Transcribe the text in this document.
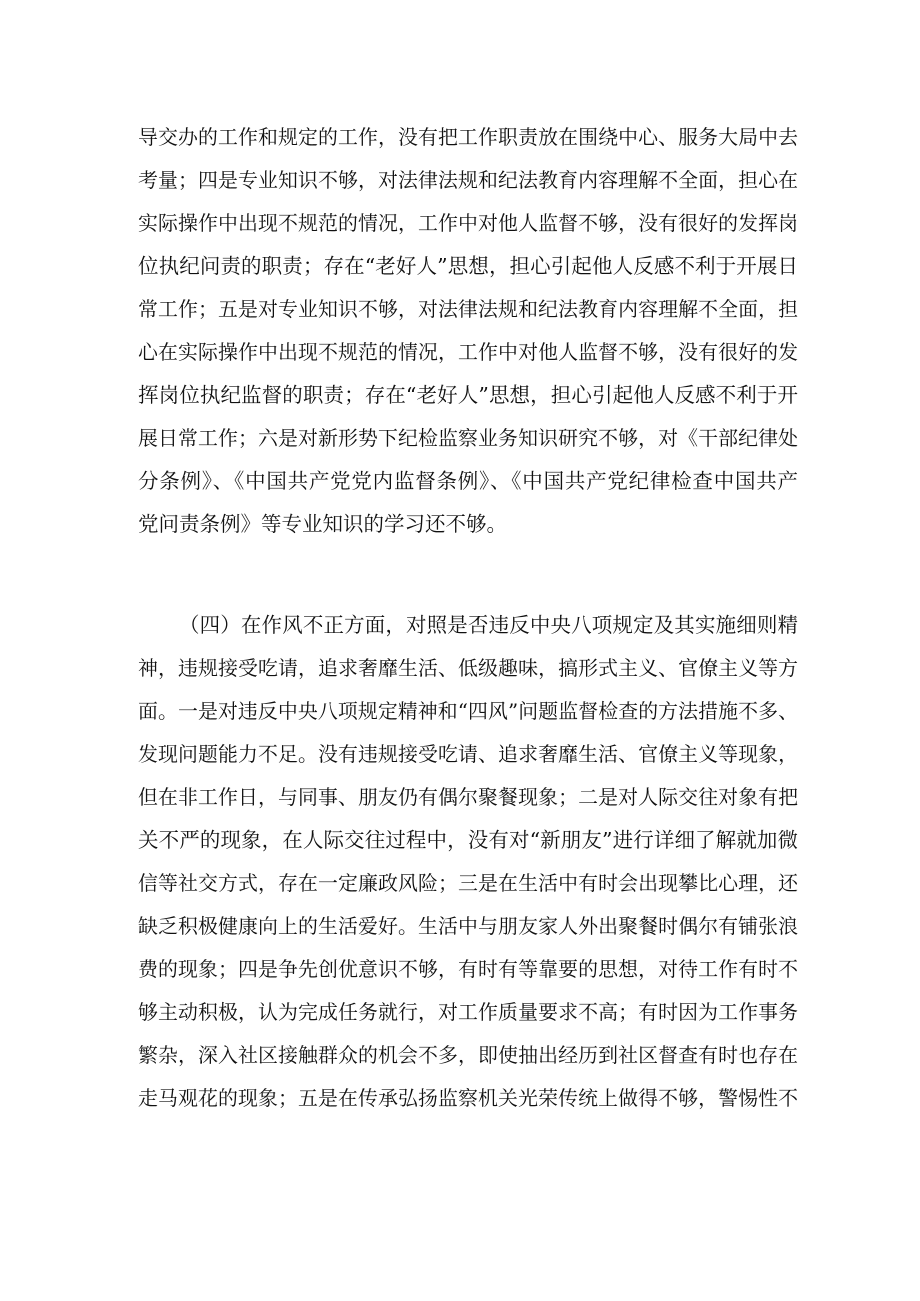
导交办的工作和规定的工作，没有把工作职责放在围绕中心、服务大局中去
考量；四是专业知识不够，对法律法规和纪法教育内容理解不全面，担心在
实际操作中出现不规范的情况，工作中对他人监督不够，没有很好的发挥岗
位执纪问责的职责；存在“老好人”思想，担心引起他人反感不利于开展日
常工作；五是对专业知识不够，对法律法规和纪法教育内容理解不全面，担
心在实际操作中出现不规范的情况，工作中对他人监督不够，没有很好的发
挥岗位执纪监督的职责；存在“老好人”思想，担心引起他人反感不利于开
展日常工作；六是对新形势下纪检监察业务知识研究不够，对《干部纪律处
分条例》、《中国共产党党内监督条例》、《中国共产党纪律检查中国共产
党问责条例》等专业知识的学习还不够。
（四）在作风不正方面，对照是否违反中央八项规定及其实施细则精
神，违规接受吃请，追求奢靡生活、低级趣味，搞形式主义、官僚主义等方
面。一是对违反中央八项规定精神和“四风”问题监督检查的方法措施不多、
发现问题能力不足。没有违规接受吃请、追求奢靡生活、官僚主义等现象，
但在非工作日，与同事、朋友仍有偶尔聚餐现象；二是对人际交往对象有把
关不严的现象，在人际交往过程中，没有对“新朋友”进行详细了解就加微
信等社交方式，存在一定廉政风险；三是在生活中有时会出现攀比心理，还
缺乏积极健康向上的生活爱好。生活中与朋友家人外出聚餐时偶尔有铺张浪
费的现象；四是争先创优意识不够，有时有等靠要的思想，对待工作有时不
够主动积极，认为完成任务就行，对工作质量要求不高；有时因为工作事务
繁杂，深入社区接触群众的机会不多，即使抽出经历到社区督查有时也存在
走马观花的现象；五是在传承弘扬监察机关光荣传统上做得不够，警惕性不
